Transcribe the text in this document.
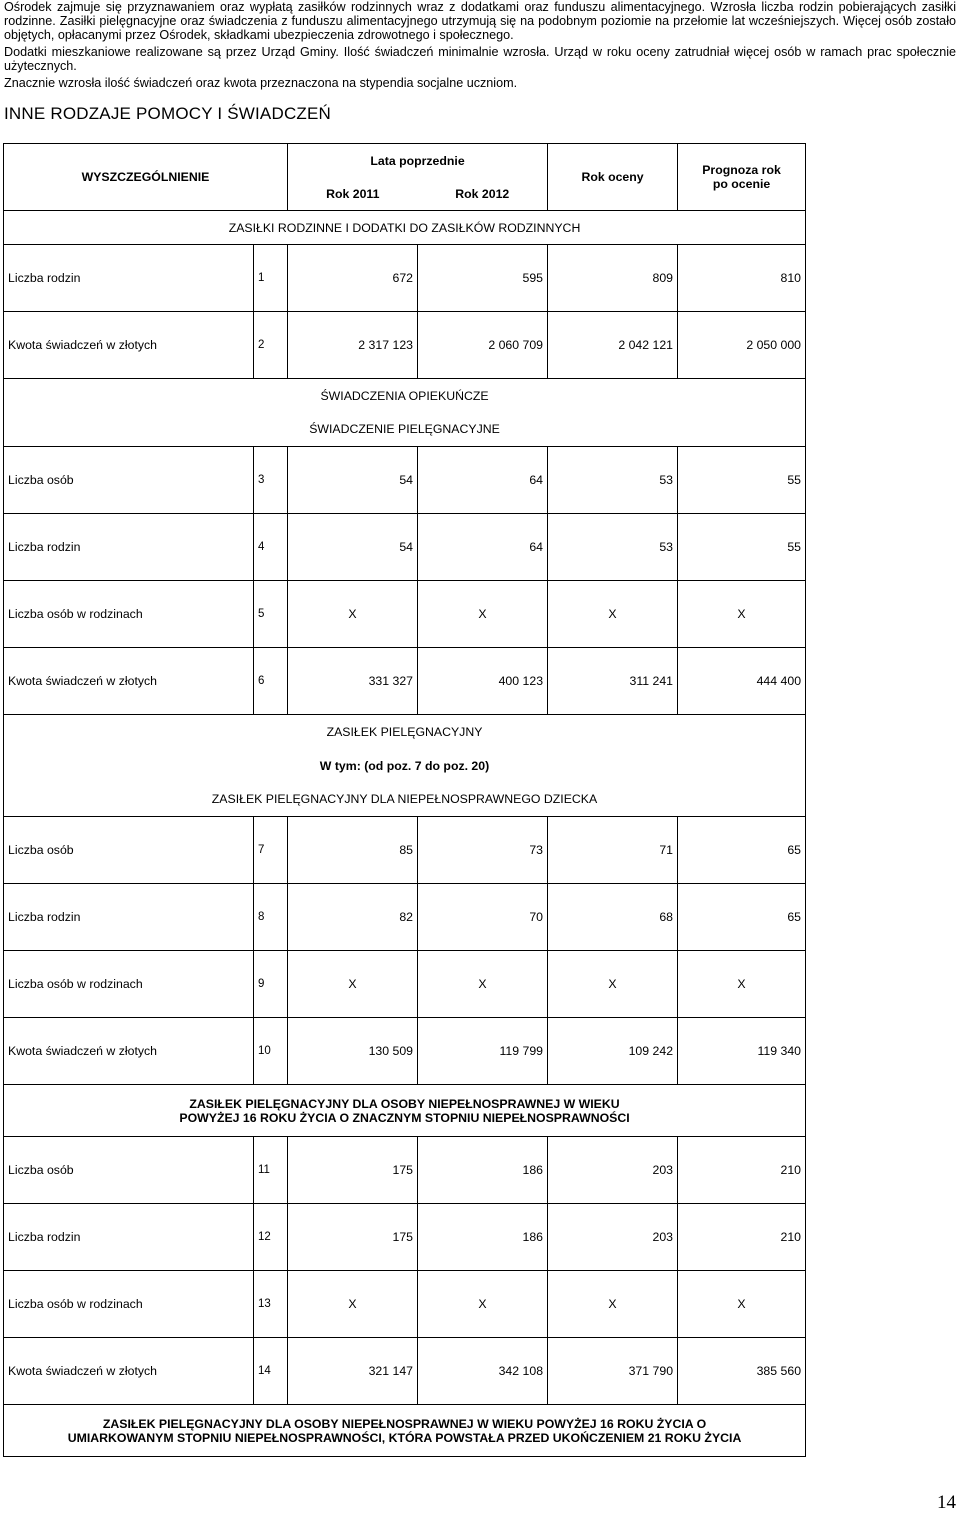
Ośrodek zajmuje się przyznawaniem oraz wypłatą zasiłków rodzinnych wraz z dodatkami oraz funduszu alimentacyjnego. Wzrosła liczba rodzin pobierających zasiłki rodzinne. Zasiłki pielęgnacyjne oraz świadczenia z funduszu alimentacyjnego utrzymują się na podobnym poziomie na przełomie lat wcześniejszych. Więcej osób zostało objętych, opłacanymi przez Ośrodek, składkami ubezpieczenia zdrowotnego i społecznego.

Dodatki mieszkaniowe realizowane są przez Urząd Gminy. Ilość świadczeń minimalnie wzrosła. Urząd w roku oceny zatrudniał więcej osób w ramach prac społecznie użytecznych.

Znacznie wzrosła ilość świadczeń oraz kwota przeznaczona na stypendia socjalne uczniom.

INNE RODZAJE POMOCY I ŚWIADCZEŃ
WYSZCZEGÓLNIENIE		Lata poprzednie		Rok oceny	Prognoza rok
po ocenie
		Rok 2011	Rok 2012		
ZASIŁKI RODZINNE I DODATKI DO ZASIŁKÓW RODZINNYCH					
Liczba rodzin	1	672	595	809	810
Kwota świadczeń w złotych	2	2 317 123	2 060 709	2 042 121	2 050 000
ŚWIADCZENIA OPIEKUŃCZE					
ŚWIADCZENIE PIELĘGNACYJNE					
Liczba osób	3	54	64	53	55
Liczba rodzin	4	54	64	53	55
Liczba osób w rodzinach	5	X	X	X	X
Kwota świadczeń w złotych	6	331 327	400 123	311 241	444 400
ZASIŁEK PIELĘGNACYJNY					
W tym: (od poz. 7 do poz. 20)					
ZASIŁEK PIELĘGNACYJNY DLA NIEPEŁNOSPRAWNEGO DZIECKA					
Liczba osób	7	85	73	71	65
Liczba rodzin	8	82	70	68	65
Liczba osób w rodzinach	9	X	X	X	X
Kwota świadczeń w złotych	10	130 509	119 799	109 242	119 340
ZASIŁEK PIELĘGNACYJNY DLA OSOBY NIEPEŁNOSPRAWNEJ W WIEKU
POWYŻEJ 16 ROKU ŻYCIA O ZNACZNYM STOPNIU NIEPEŁNOSPRAWNOŚCI					
Liczba osób	11	175	186	203	210
Liczba rodzin	12	175	186	203	210
Liczba osób w rodzinach	13	X	X	X	X
Kwota świadczeń w złotych	14	321 147	342 108	371 790	385 560
ZASIŁEK PIELĘGNACYJNY DLA OSOBY NIEPEŁNOSPRAWNEJ W WIEKU POWYŻEJ 16 ROKU ŻYCIA O
UMIARKOWANYM STOPNIU NIEPEŁNOSPRAWNOŚCI, KTÓRA POWSTAŁA PRZED UKOŃCZENIEM 21 ROKU ŻYCIA					
14
